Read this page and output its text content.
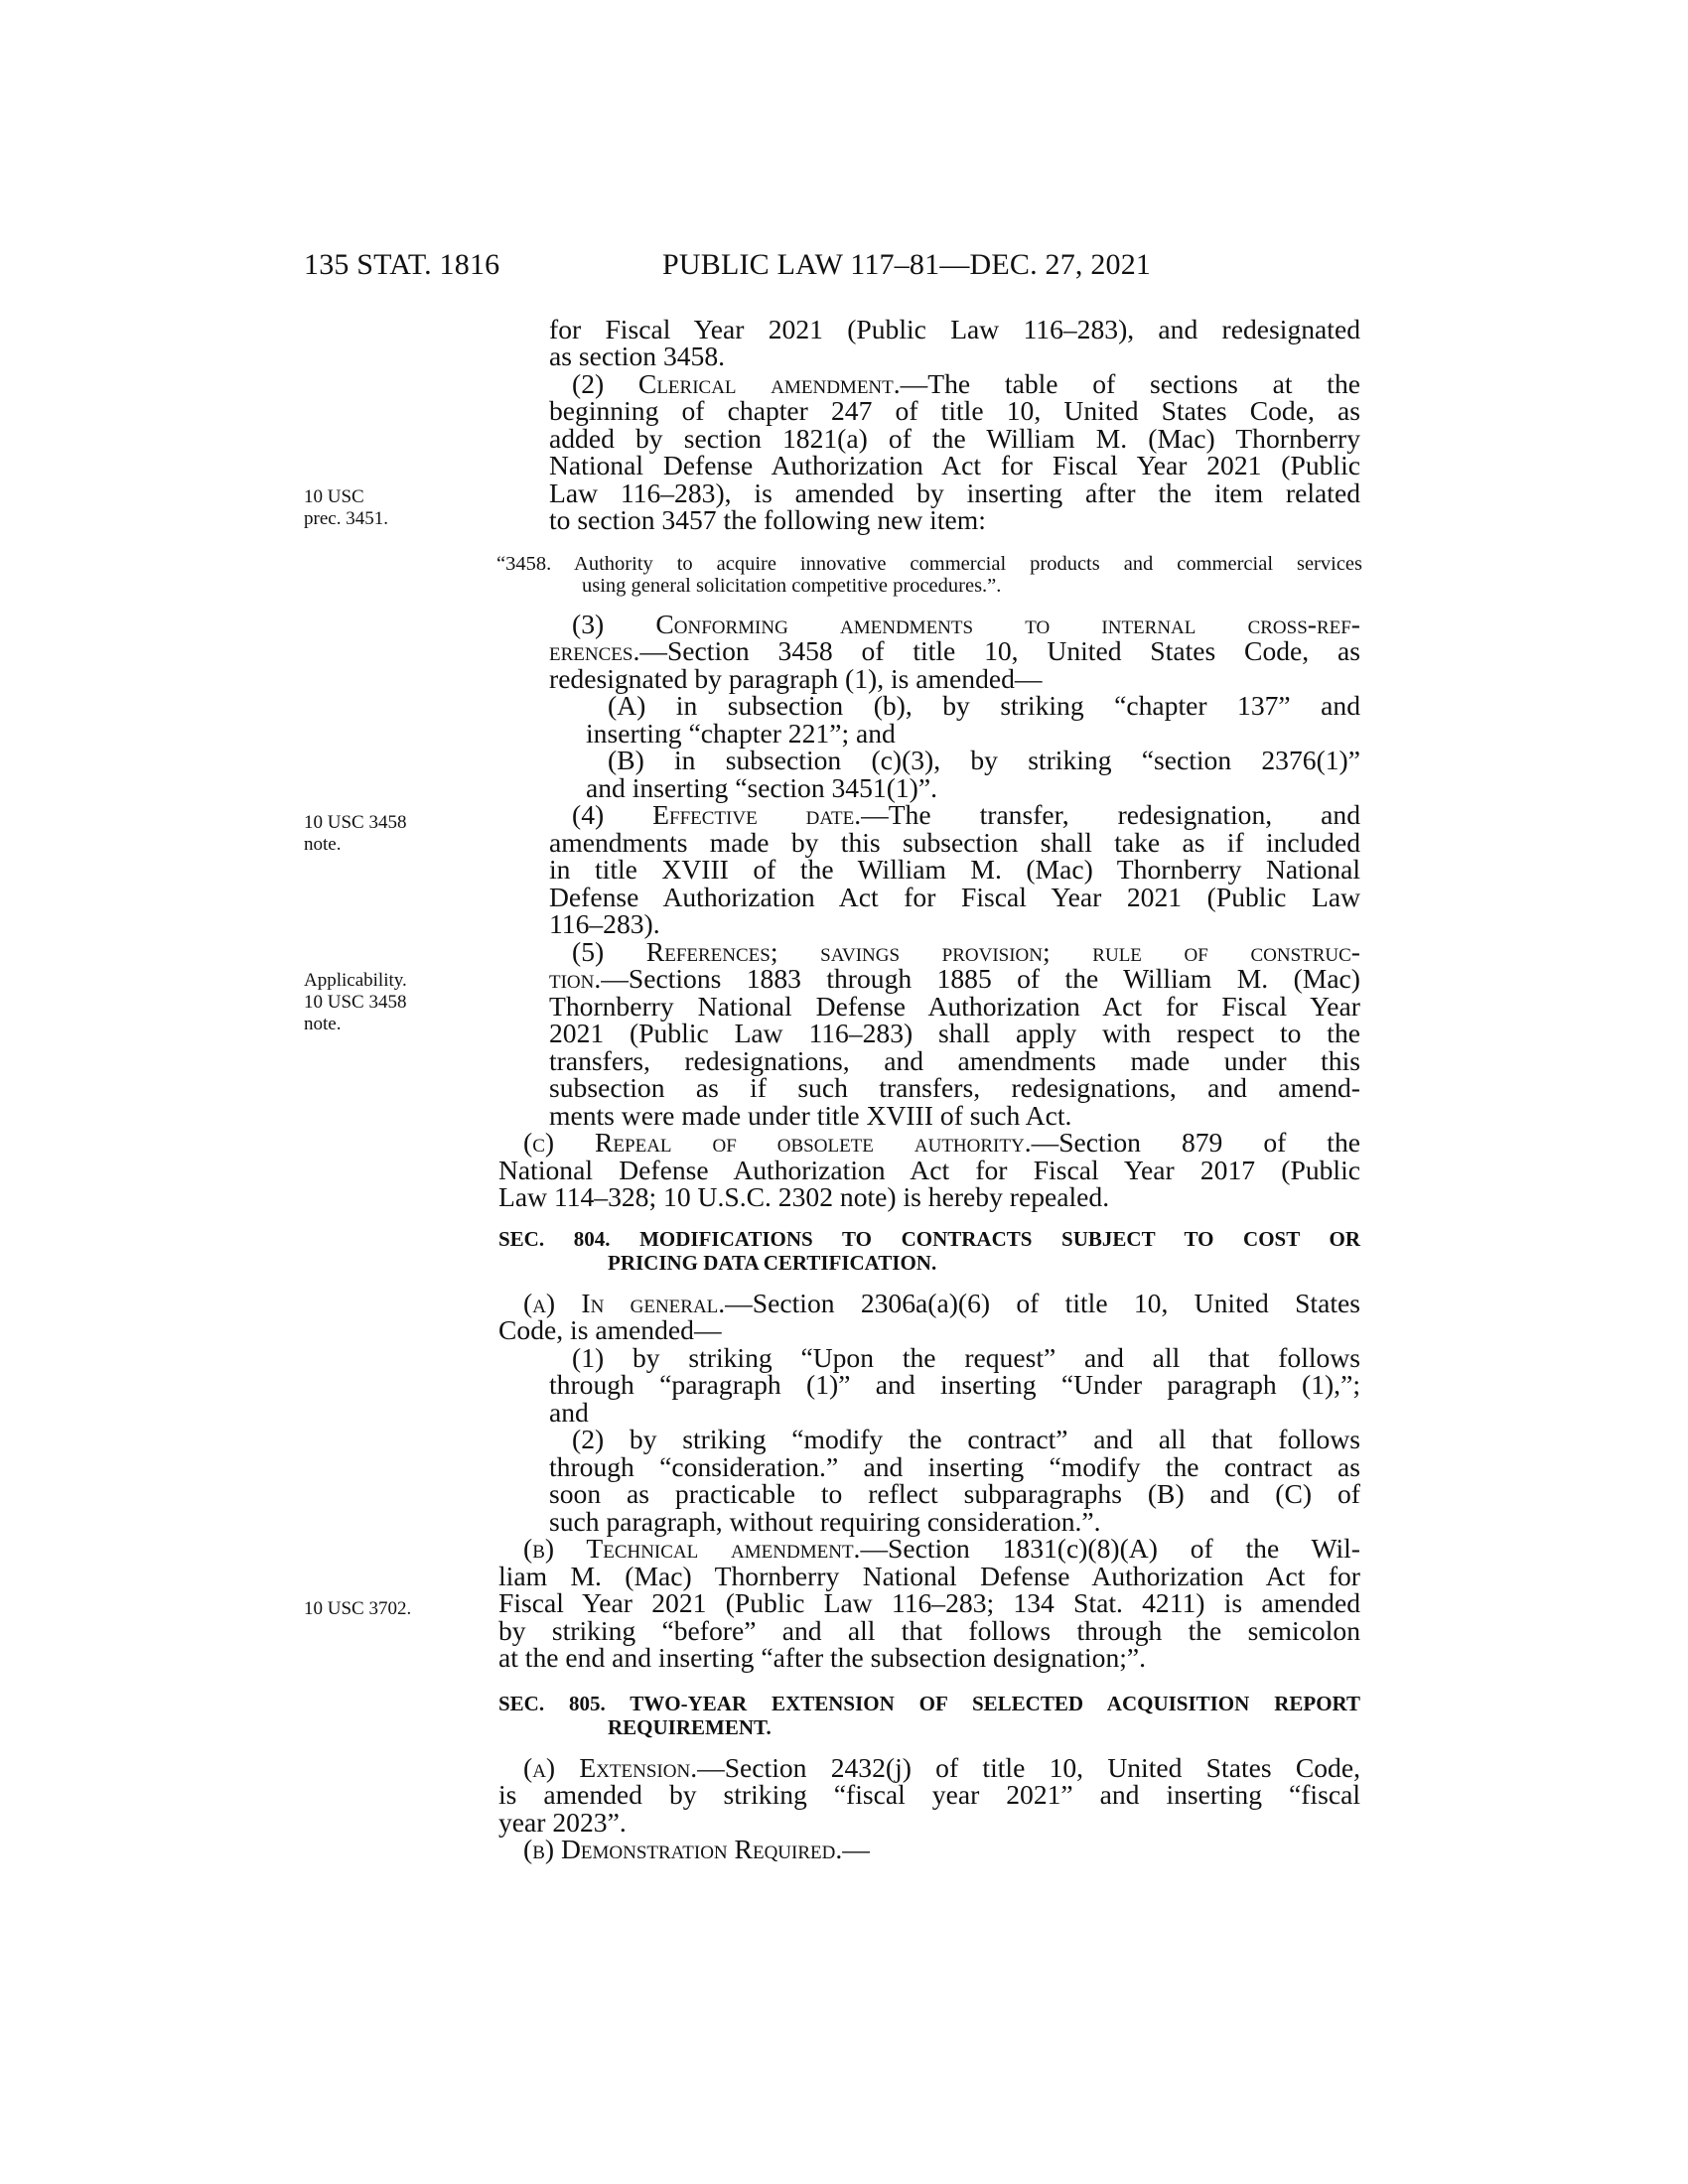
135 STAT. 1816	PUBLIC LAW 117–81—DEC. 27, 2021
10 USC
prec. 3451.
10 USC 3458
note.
Applicability.
10 USC 3458
note.
10 USC 3702.
for Fiscal Year 2021 (Public Law 116–283), and redesignated
as section 3458.
(2) Clerical amendment.—The table of sections at the
beginning of chapter 247 of title 10, United States Code, as
added by section 1821(a) of the William M. (Mac) Thornberry
National Defense Authorization Act for Fiscal Year 2021 (Public
Law 116–283), is amended by inserting after the item related
to section 3457 the following new item:
“3458. Authority to acquire innovative commercial products and commercial services
using general solicitation competitive procedures.”.
(3) Conforming amendments to internal cross-ref-
erences.—Section 3458 of title 10, United States Code, as
redesignated by paragraph (1), is amended—
(A) in subsection (b), by striking “chapter 137” and
inserting “chapter 221”; and
(B) in subsection (c)(3), by striking “section 2376(1)”
and inserting “section 3451(1)”.
(4) Effective date.—The transfer, redesignation, and
amendments made by this subsection shall take as if included
in title XVIII of the William M. (Mac) Thornberry National
Defense Authorization Act for Fiscal Year 2021 (Public Law
116–283).
(5) References; savings provision; rule of construc-
tion.—Sections 1883 through 1885 of the William M. (Mac)
Thornberry National Defense Authorization Act for Fiscal Year
2021 (Public Law 116–283) shall apply with respect to the
transfers, redesignations, and amendments made under this
subsection as if such transfers, redesignations, and amend-
ments were made under title XVIII of such Act.
(c) Repeal of obsolete authority.—Section 879 of the
National Defense Authorization Act for Fiscal Year 2017 (Public
Law 114–328; 10 U.S.C. 2302 note) is hereby repealed.
SEC. 804. MODIFICATIONS TO CONTRACTS SUBJECT TO COST OR
PRICING DATA CERTIFICATION.
(a) In general.—Section 2306a(a)(6) of title 10, United States
Code, is amended—
(1) by striking “Upon the request” and all that follows
through “paragraph (1)” and inserting “Under paragraph (1),”;
and
(2) by striking “modify the contract” and all that follows
through “consideration.” and inserting “modify the contract as
soon as practicable to reflect subparagraphs (B) and (C) of
such paragraph, without requiring consideration.”.
(b) Technical amendment.—Section 1831(c)(8)(A) of the Wil-
liam M. (Mac) Thornberry National Defense Authorization Act for
Fiscal Year 2021 (Public Law 116–283; 134 Stat. 4211) is amended
by striking “before” and all that follows through the semicolon
at the end and inserting “after the subsection designation;”.
SEC. 805. TWO-YEAR EXTENSION OF SELECTED ACQUISITION REPORT
REQUIREMENT.
(a) Extension.—Section 2432(j) of title 10, United States Code,
is amended by striking “fiscal year 2021” and inserting “fiscal
year 2023”.
(b) Demonstration Required.—
